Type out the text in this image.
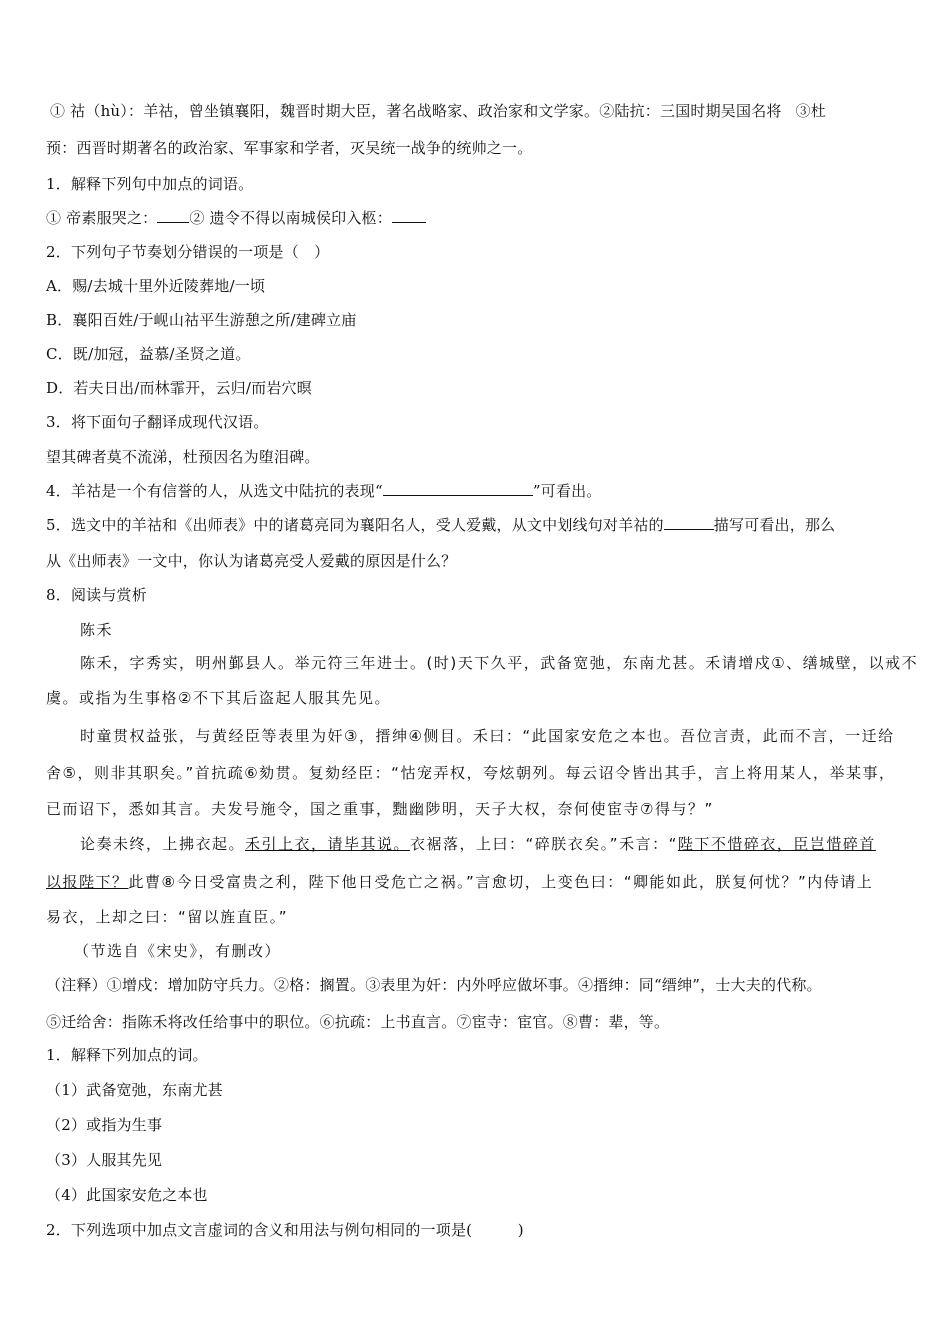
① 祜（hù）：羊祜，曾坐镇襄阳，魏晋时期大臣，著名战略家、政治家和文学家。②陆抗：三国时期吴国名将 ③杜
预：西晋时期著名的政治家、军事家和学者，灭吴统一战争的统帅之一。
1．解释下列句中加点的词语。
① 帝素服哭之： ② 遗令不得以南城侯印入柩：
2．下列句子节奏划分错误的一项是（　）
A．赐/去城十里外近陵葬地/一顷
B．襄阳百姓/于岘山祜平生游憩之所/建碑立庙
C．既/加冠，益慕/圣贤之道。
D．若夫日出/而林霏开，云归/而岩穴暝
3．将下面句子翻译成现代汉语。
望其碑者莫不流涕，杜预因名为堕泪碑。
4．羊祜是一个有信誉的人，从选文中陆抗的表现“	”可看出。
5．选文中的羊祜和《出师表》中的诸葛亮同为襄阳名人，受人爱戴，从文中划线句对羊祜的	描写可看出，那么
从《出师表》一文中，你认为诸葛亮受人爱戴的原因是什么？
8．阅读与赏析
陈禾
陈禾，字秀实，明州鄞县人。举元符三年进士。(时)天下久平，武备宽弛，东南尤甚。禾请增戍①、缮城壁，以戒不
虞。或指为生事格②不下其后盗起人服其先见。
时童贯权益张，与黄经臣等表里为奸③，搢绅④侧目。禾曰：“此国家安危之本也。吾位言责，此而不言，一迁给
舍⑤，则非其职矣。”首抗疏⑥劾贯。复劾经臣：“怙宠弄权，夸炫朝列。每云诏令皆出其手，言上将用某人，举某事，
已而诏下，悉如其言。夫发号施令，国之重事，黜幽陟明，天子大权，奈何使宦寺⑦得与？”
论奏未终，上拂衣起。禾引上衣，请毕其说。衣裾落，上曰：“碎朕衣矣。”禾言：“陛下不惜碎衣，臣岂惜碎首
以报陛下？此曹⑧今日受富贵之利，陛下他日受危亡之祸。”言愈切，上变色曰：“卿能如此，朕复何忧？”内侍请上
易衣，上却之曰：“留以旌直臣。”
（节选自《宋史》，有删改）
（注释）①增戍：增加防守兵力。②格：搁置。③表里为奸：内外呼应做坏事。④搢绅：同“缙绅”，士大夫的代称。
⑤迁给舍：指陈禾将改任给事中的职位。⑥抗疏：上书直言。⑦宦寺：宦官。⑧曹：辈，等。
1．解释下列加点的词。
（1）武备宽弛，东南尤甚
（2）或指为生事
（3）人服其先见
（4）此国家安危之本也
2．下列选项中加点文言虚词的含义和用法与例句相同的一项是(　　　)
